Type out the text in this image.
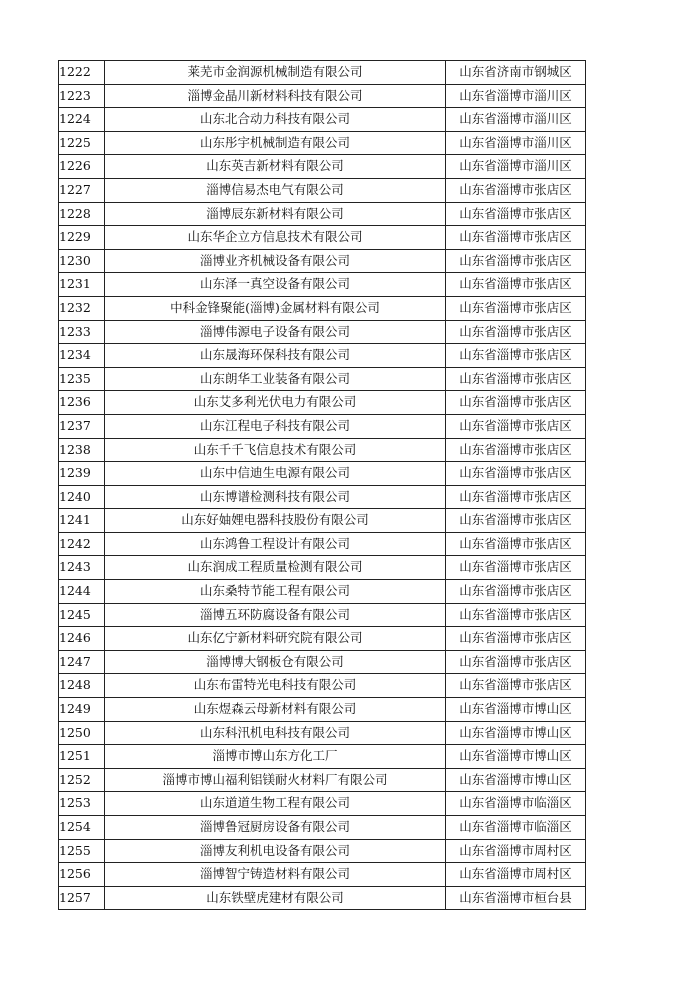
1222	莱芜市金润源机械制造有限公司	山东省济南市钢城区
1223	淄博金晶川新材料科技有限公司	山东省淄博市淄川区
1224	山东北合动力科技有限公司	山东省淄博市淄川区
1225	山东彤宇机械制造有限公司	山东省淄博市淄川区
1226	山东英吉新材料有限公司	山东省淄博市淄川区
1227	淄博信易杰电气有限公司	山东省淄博市张店区
1228	淄博辰东新材料有限公司	山东省淄博市张店区
1229	山东华企立方信息技术有限公司	山东省淄博市张店区
1230	淄博业齐机械设备有限公司	山东省淄博市张店区
1231	山东泽一真空设备有限公司	山东省淄博市张店区
1232	中科金锋聚能(淄博)金属材料有限公司	山东省淄博市张店区
1233	淄博伟源电子设备有限公司	山东省淄博市张店区
1234	山东晟海环保科技有限公司	山东省淄博市张店区
1235	山东朗华工业装备有限公司	山东省淄博市张店区
1236	山东艾多利光伏电力有限公司	山东省淄博市张店区
1237	山东江程电子科技有限公司	山东省淄博市张店区
1238	山东千千飞信息技术有限公司	山东省淄博市张店区
1239	山东中信迪生电源有限公司	山东省淄博市张店区
1240	山东博谱检测科技有限公司	山东省淄博市张店区
1241	山东好妯娌电器科技股份有限公司	山东省淄博市张店区
1242	山东鸿鲁工程设计有限公司	山东省淄博市张店区
1243	山东润成工程质量检测有限公司	山东省淄博市张店区
1244	山东桑特节能工程有限公司	山东省淄博市张店区
1245	淄博五环防腐设备有限公司	山东省淄博市张店区
1246	山东亿宁新材料研究院有限公司	山东省淄博市张店区
1247	淄博博大钢板仓有限公司	山东省淄博市张店区
1248	山东布雷特光电科技有限公司	山东省淄博市张店区
1249	山东煜森云母新材料有限公司	山东省淄博市博山区
1250	山东科汛机电科技有限公司	山东省淄博市博山区
1251	淄博市博山东方化工厂	山东省淄博市博山区
1252	淄博市博山福利铝镁耐火材料厂有限公司	山东省淄博市博山区
1253	山东道道生物工程有限公司	山东省淄博市临淄区
1254	淄博鲁冠厨房设备有限公司	山东省淄博市临淄区
1255	淄博友利机电设备有限公司	山东省淄博市周村区
1256	淄博智宁铸造材料有限公司	山东省淄博市周村区
1257	山东铁壁虎建材有限公司	山东省淄博市桓台县
